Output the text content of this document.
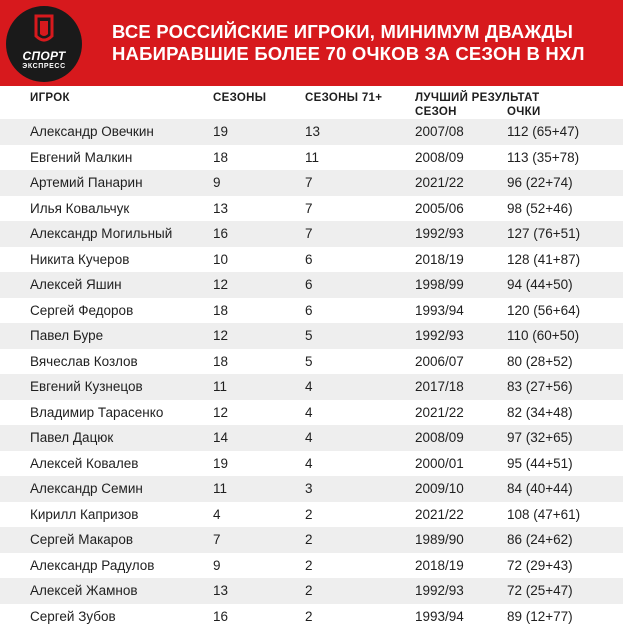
СПОРТ
ЭКСПРЕСС
ВСЕ РОССИЙСКИЕ ИГРОКИ, МИНИМУМ ДВАЖДЫ
НАБИРАВШИЕ БОЛЕЕ 70 ОЧКОВ ЗА СЕЗОН В НХЛ
ИГРОК	СЕЗОНЫ	СЕЗОНЫ 71+	ЛУЧШИЙ РЕЗУЛЬТАТ
СЕЗОН	ОЧКИ
Александр Овечкин	19	13	2007/08	112 (65+47)
Евгений Малкин	18	11	2008/09	113 (35+78)
Артемий Панарин	9	7	2021/22	96 (22+74)
Илья Ковальчук	13	7	2005/06	98 (52+46)
Александр Могильный	16	7	1992/93	127 (76+51)
Никита Кучеров	10	6	2018/19	128 (41+87)
Алексей Яшин	12	6	1998/99	94 (44+50)
Сергей Федоров	18	6	1993/94	120 (56+64)
Павел Буре	12	5	1992/93	110 (60+50)
Вячеслав Козлов	18	5	2006/07	80 (28+52)
Евгений Кузнецов	11	4	2017/18	83 (27+56)
Владимир Тарасенко	12	4	2021/22	82 (34+48)
Павел Дацюк	14	4	2008/09	97 (32+65)
Алексей Ковалев	19	4	2000/01	95 (44+51)
Александр Семин	11	3	2009/10	84 (40+44)
Кирилл Капризов	4	2	2021/22	108 (47+61)
Сергей Макаров	7	2	1989/90	86 (24+62)
Александр Радулов	9	2	2018/19	72 (29+43)
Алексей Жамнов	13	2	1992/93	72 (25+47)
Сергей Зубов	16	2	1993/94	89 (12+77)
